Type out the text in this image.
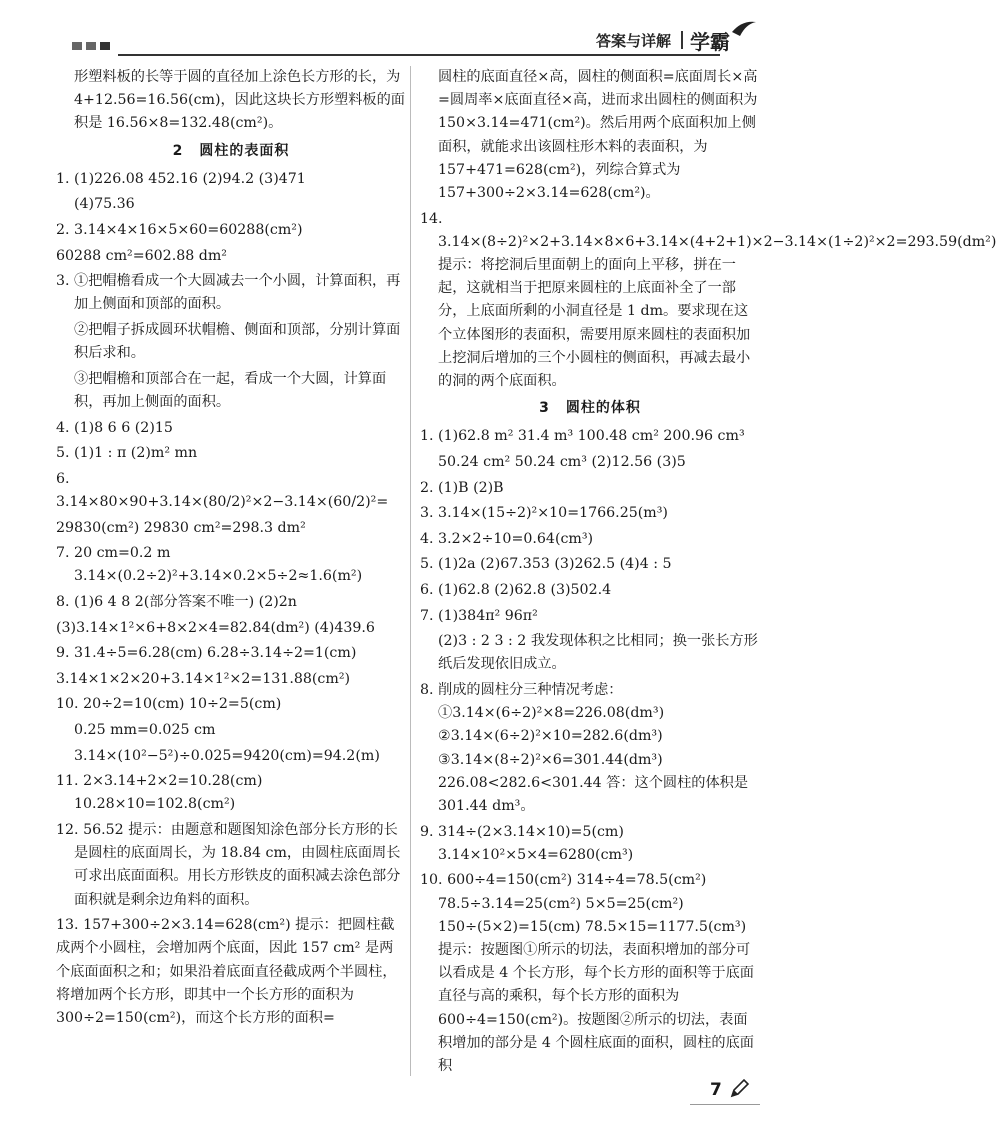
答案与详解 学霸
形塑料板的长等于圆的直径加上涂色长方形的长，为 4+12.56=16.56(cm)，因此这块长方形塑料板的面积是 16.56×8=132.48(cm²)。
2 圆柱的表面积
1. (1)226.08 452.16 (2)94.2 (3)471
(4)75.36
2. 3.14×4×16×5×60=60288(cm²)
60288 cm²=602.88 dm²
3. ①把帽檐看成一个大圆减去一个小圆，计算面积，再加上侧面和顶部的面积。
②把帽子拆成圆环状帽檐、侧面和顶部，分别计算面积后求和。
③把帽檐和顶部合在一起，看成一个大圆，计算面积，再加上侧面的面积。
4. (1)8 6 6 (2)15
5. (1)1 : π (2)m² mn
6. 3.14×80×90+3.14×(80/2)²×2−3.14×(60/2)²=
29830(cm²) 29830 cm²=298.3 dm²
7. 20 cm=0.2 m 3.14×(0.2÷2)²+3.14×0.2×5÷2≈1.6(m²)
8. (1)6 4 8 2(部分答案不唯一) (2)2n
(3)3.14×1²×6+8×2×4=82.84(dm²) (4)439.6
9. 31.4÷5=6.28(cm) 6.28÷3.14÷2=1(cm)
3.14×1×2×20+3.14×1²×2=131.88(cm²)
10. 20÷2=10(cm) 10÷2=5(cm)
0.25 mm=0.025 cm
3.14×(10²−5²)÷0.025=9420(cm)=94.2(m)
11. 2×3.14+2×2=10.28(cm) 10.28×10=102.8(cm²)
12. 56.52 提示：由题意和题图知涂色部分长方形的长是圆柱的底面周长，为 18.84 cm，由圆柱底面周长可求出底面面积。用长方形铁皮的面积减去涂色部分面积就是剩余边角料的面积。
13. 157+300÷2×3.14=628(cm²) 提示：把圆柱截成两个小圆柱，会增加两个底面，因此 157 cm² 是两个底面面积之和；如果沿着底面直径截成两个半圆柱，将增加两个长方形，即其中一个长方形的面积为 300÷2=150(cm²)，而这个长方形的面积=
圆柱的底面直径×高，圆柱的侧面积=底面周长×高=圆周率×底面直径×高，进而求出圆柱的侧面积为 150×3.14=471(cm²)。然后用两个底面积加上侧面积，就能求出该圆柱形木料的表面积，为157+471=628(cm²)，列综合算式为 157+300÷2×3.14=628(cm²)。
14. 3.14×(8÷2)²×2+3.14×8×6+3.14×(4+2+1)×2−3.14×(1÷2)²×2=293.59(dm²) 提示：将挖洞后里面朝上的面向上平移，拼在一起，这就相当于把原来圆柱的上底面补全了一部分，上底面所剩的小洞直径是 1 dm。要求现在这个立体图形的表面积，需要用原来圆柱的表面积加上挖洞后增加的三个小圆柱的侧面积，再减去最小的洞的两个底面积。
3 圆柱的体积
1. (1)62.8 m² 31.4 m³ 100.48 cm² 200.96 cm³
50.24 cm² 50.24 cm³ (2)12.56 (3)5
2. (1)B (2)B
3. 3.14×(15÷2)²×10=1766.25(m³)
4. 3.2×2÷10=0.64(cm³)
5. (1)2a (2)67.353 (3)262.5 (4)4 : 5
6. (1)62.8 (2)62.8 (3)502.4
7. (1)384π² 96π²
(2)3 : 2 3 : 2 我发现体积之比相同；换一张长方形纸后发现依旧成立。
8. 削成的圆柱分三种情况考虑：①3.14×(6÷2)²×8=226.08(dm³) ②3.14×(6÷2)²×10=282.6(dm³) ③3.14×(8÷2)²×6=301.44(dm³) 226.08<282.6<301.44 答：这个圆柱的体积是 301.44 dm³。
9. 314÷(2×3.14×10)=5(cm) 3.14×10²×5×4=6280(cm³)
10. 600÷4=150(cm²) 314÷4=78.5(cm²) 78.5÷3.14=25(cm²) 5×5=25(cm²) 150÷(5×2)=15(cm) 78.5×15=1177.5(cm³) 提示：按题图①所示的切法，表面积增加的部分可以看成是 4 个长方形，每个长方形的面积等于底面直径与高的乘积，每个长方形的面积为 600÷4=150(cm²)。按题图②所示的切法，表面积增加的部分是 4 个圆柱底面的面积，圆柱的底面积
7
